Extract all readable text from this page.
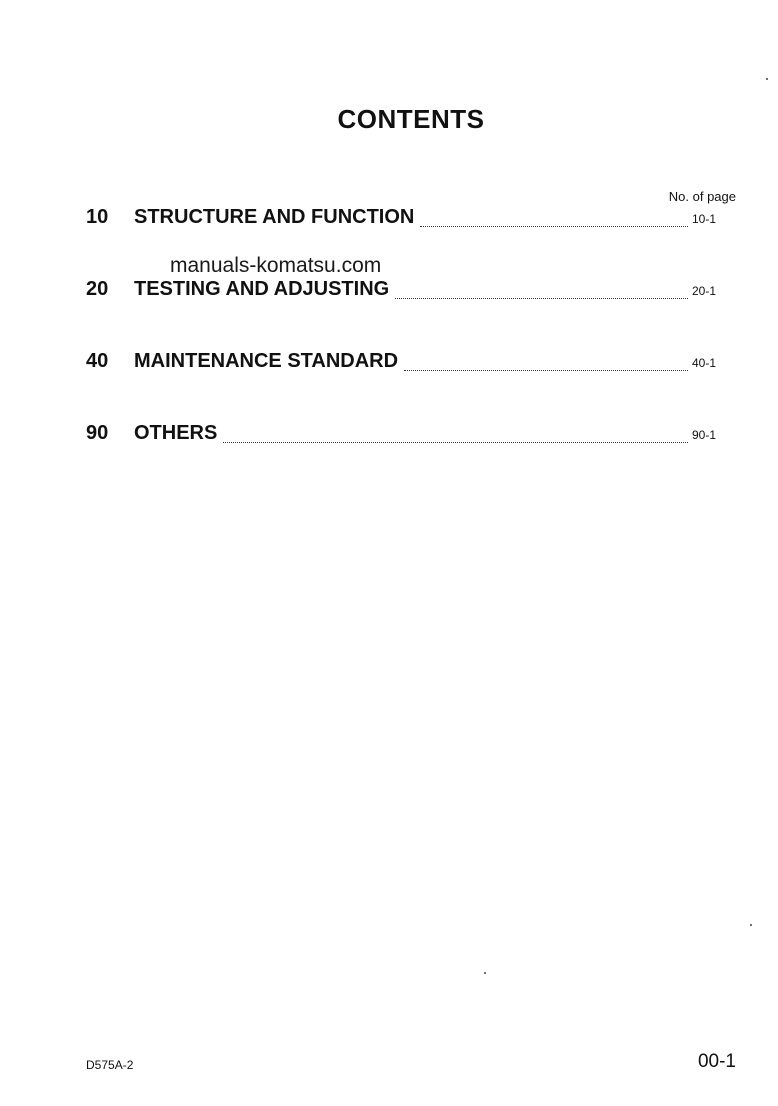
CONTENTS
No. of page
manuals-komatsu.com
10	STRUCTURE AND FUNCTION	10-1
20	TESTING AND ADJUSTING	20-1
40	MAINTENANCE STANDARD	40-1
90	OTHERS	90-1
D575A-2	00-1
